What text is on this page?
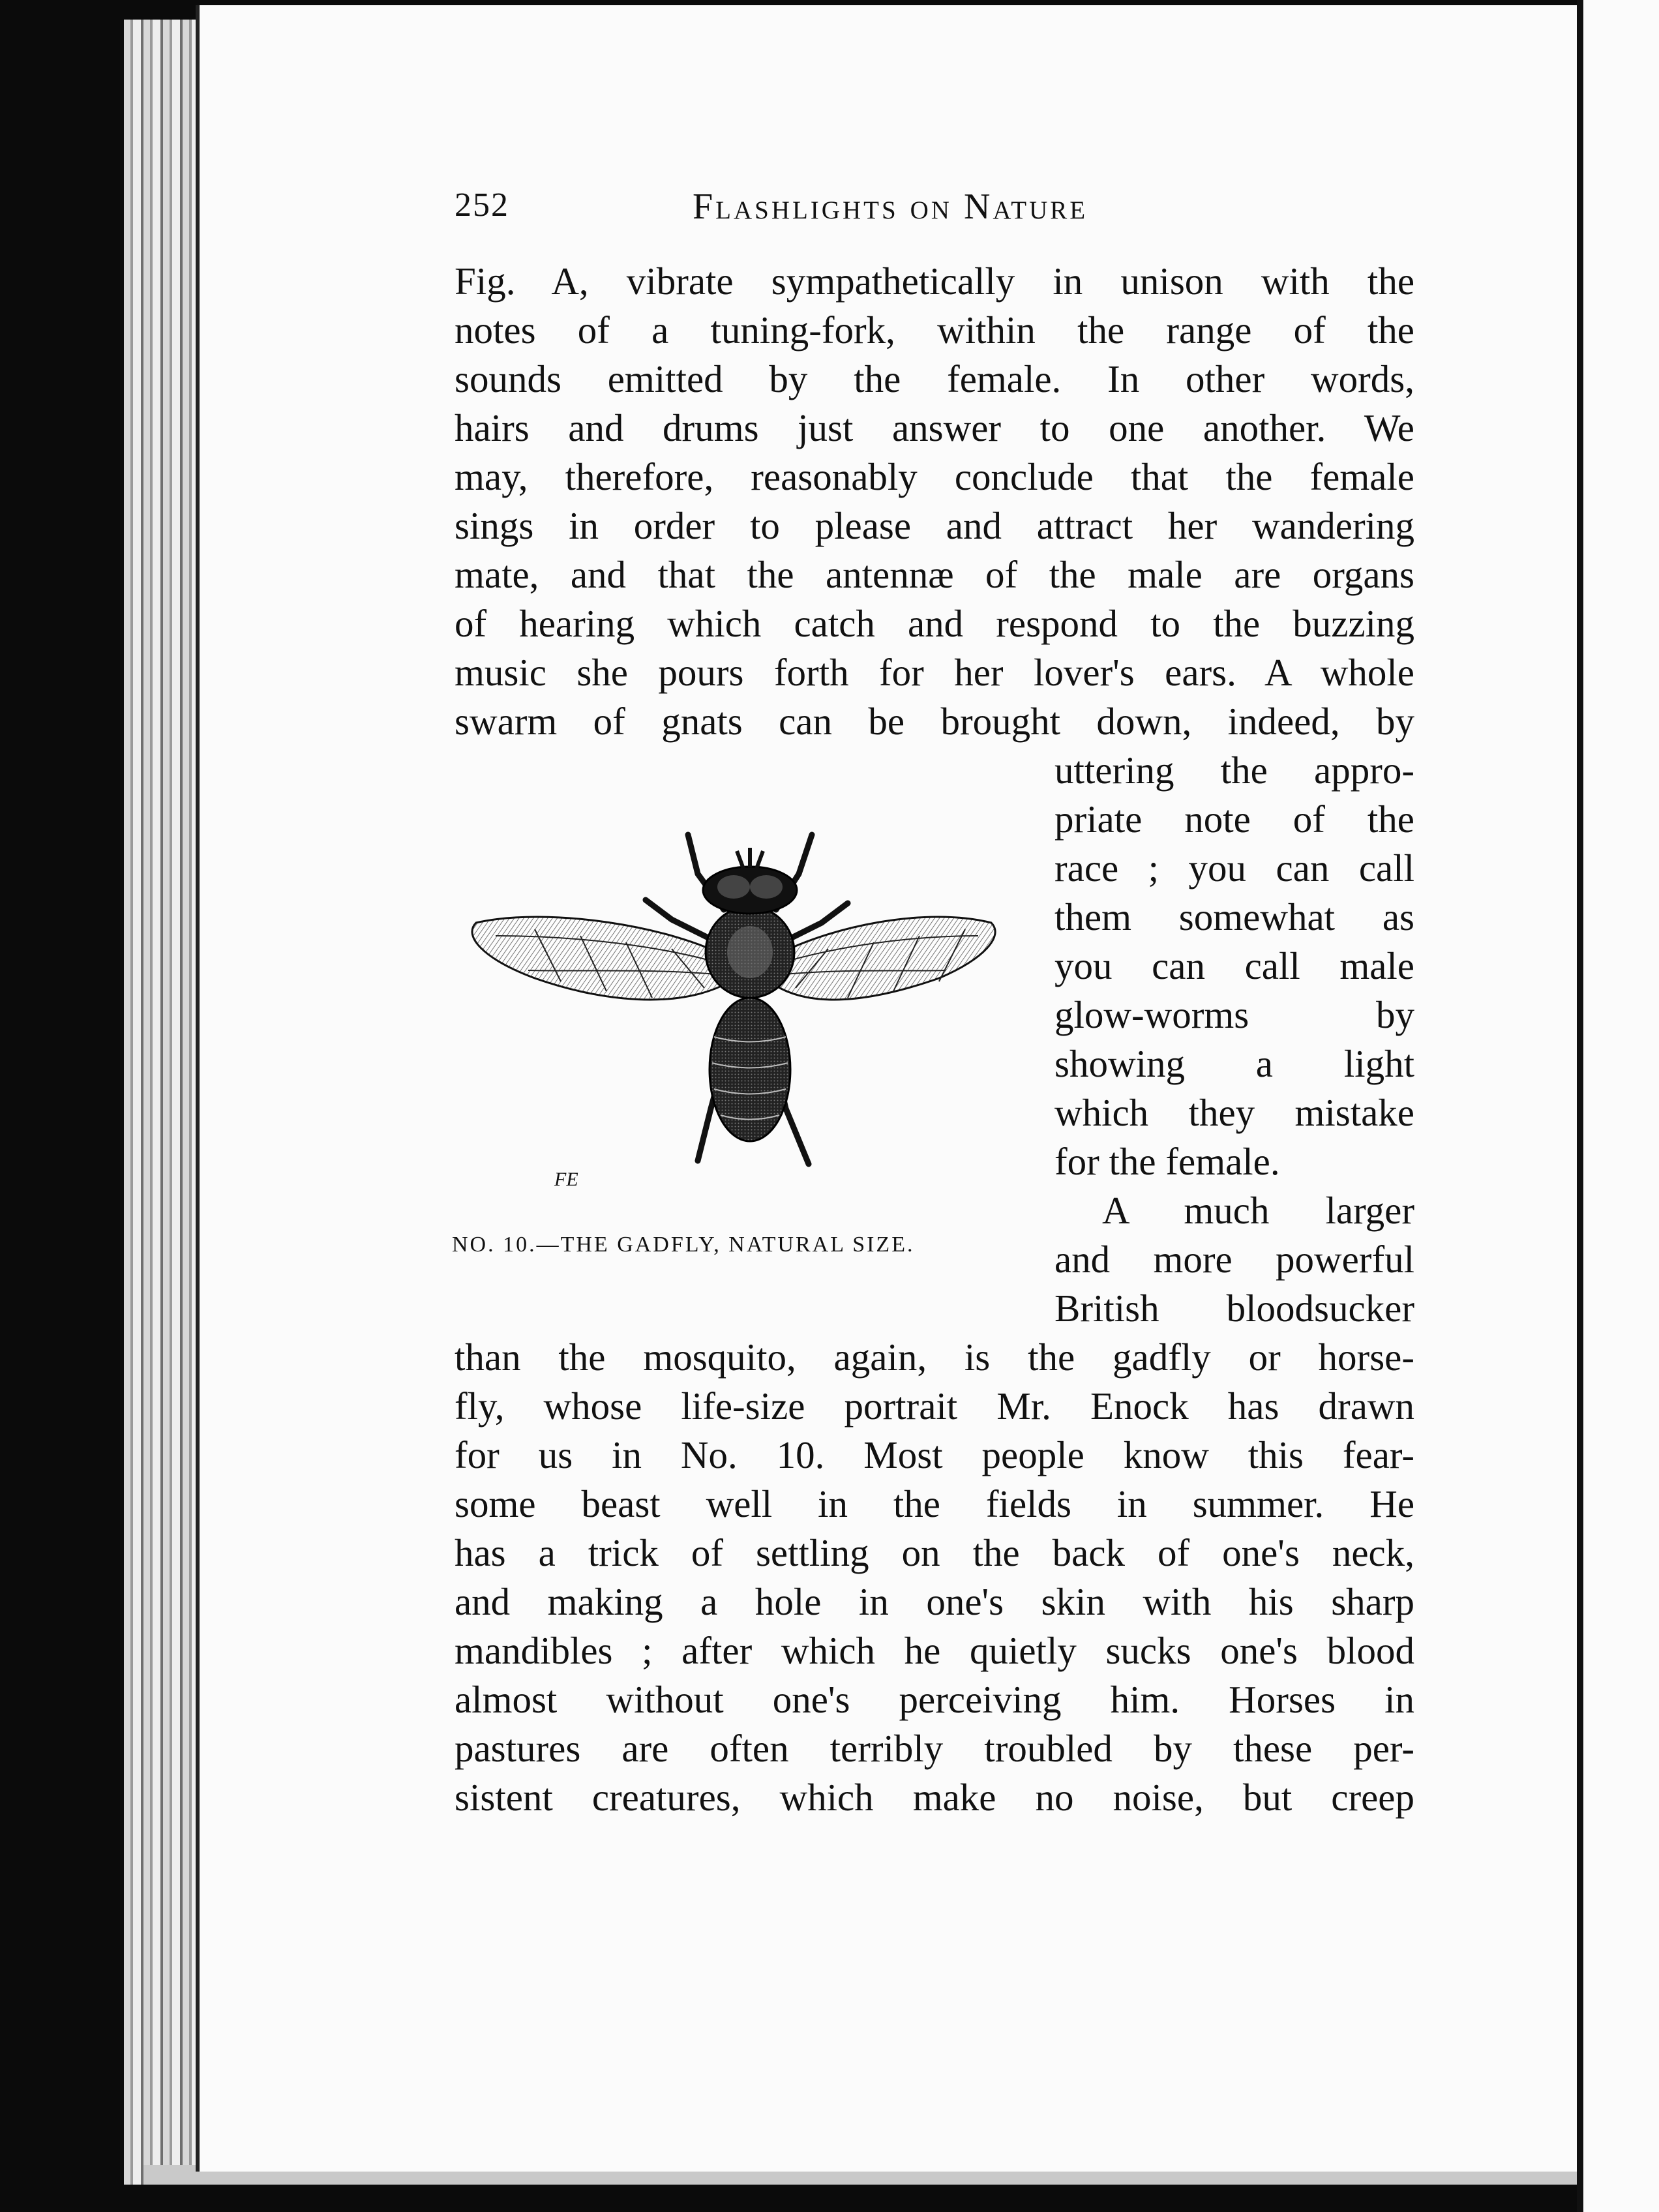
252	Flashlights on Nature

Fig. A, vibrate sympathetically in unison with the

notes of a tuning-fork, within the range of the

sounds emitted by the female. In other words,

hairs and drums just answer to one another. We

may, therefore, reasonably conclude that the female

sings in order to please and attract her wandering

mate, and that the antennæ of the male are organs

of hearing which catch and respond to the buzzing

music she pours forth for her lover's ears. A whole

swarm of gnats can be brought down, indeed, by

uttering the appro-

priate note of the

race ; you can call

them somewhat as

you can call male

glow-worms by

showing a light

which they mistake

for the female.

A much larger

and more powerful

British bloodsucker

than the mosquito, again, is the gadfly or horse-

fly, whose life-size portrait Mr. Enock has drawn

for us in No. 10. Most people know this fear-

some beast well in the fields in summer. He

has a trick of settling on the back of one's neck,

and making a hole in one's skin with his sharp

mandibles ; after which he quietly sucks one's blood

almost without one's perceiving him. Horses in

pastures are often terribly troubled by these per-

sistent creatures, which make no noise, but creep

FE
NO. 10.—THE GADFLY, NATURAL SIZE.
